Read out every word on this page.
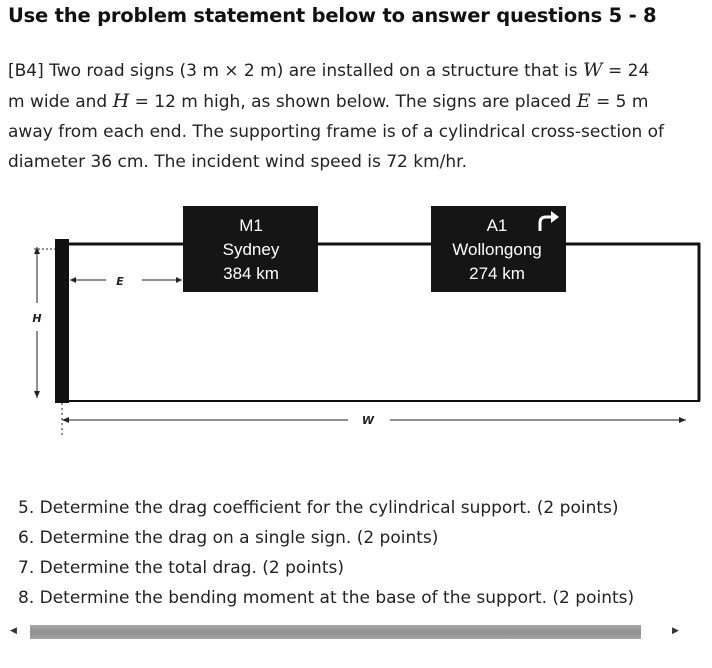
Use the problem statement below to answer questions 5 - 8

[B4] Two road signs (3 m × 2 m) are installed on a structure that is W = 24

m wide and H = 12 m high, as shown below. The signs are placed E = 5 m

away from each end. The supporting frame is of a cylindrical cross-section of

diameter 36 cm. The incident wind speed is 72 km/hr.

M1
Sydney
384 km
A1
Wollongong
274 km
E
H
W
5. Determine the drag coefficient for the cylindrical support. (2 points)
6. Determine the drag on a single sign. (2 points)
7. Determine the total drag. (2 points)
8. Determine the bending moment at the base of the support. (2 points)
◀	▶
